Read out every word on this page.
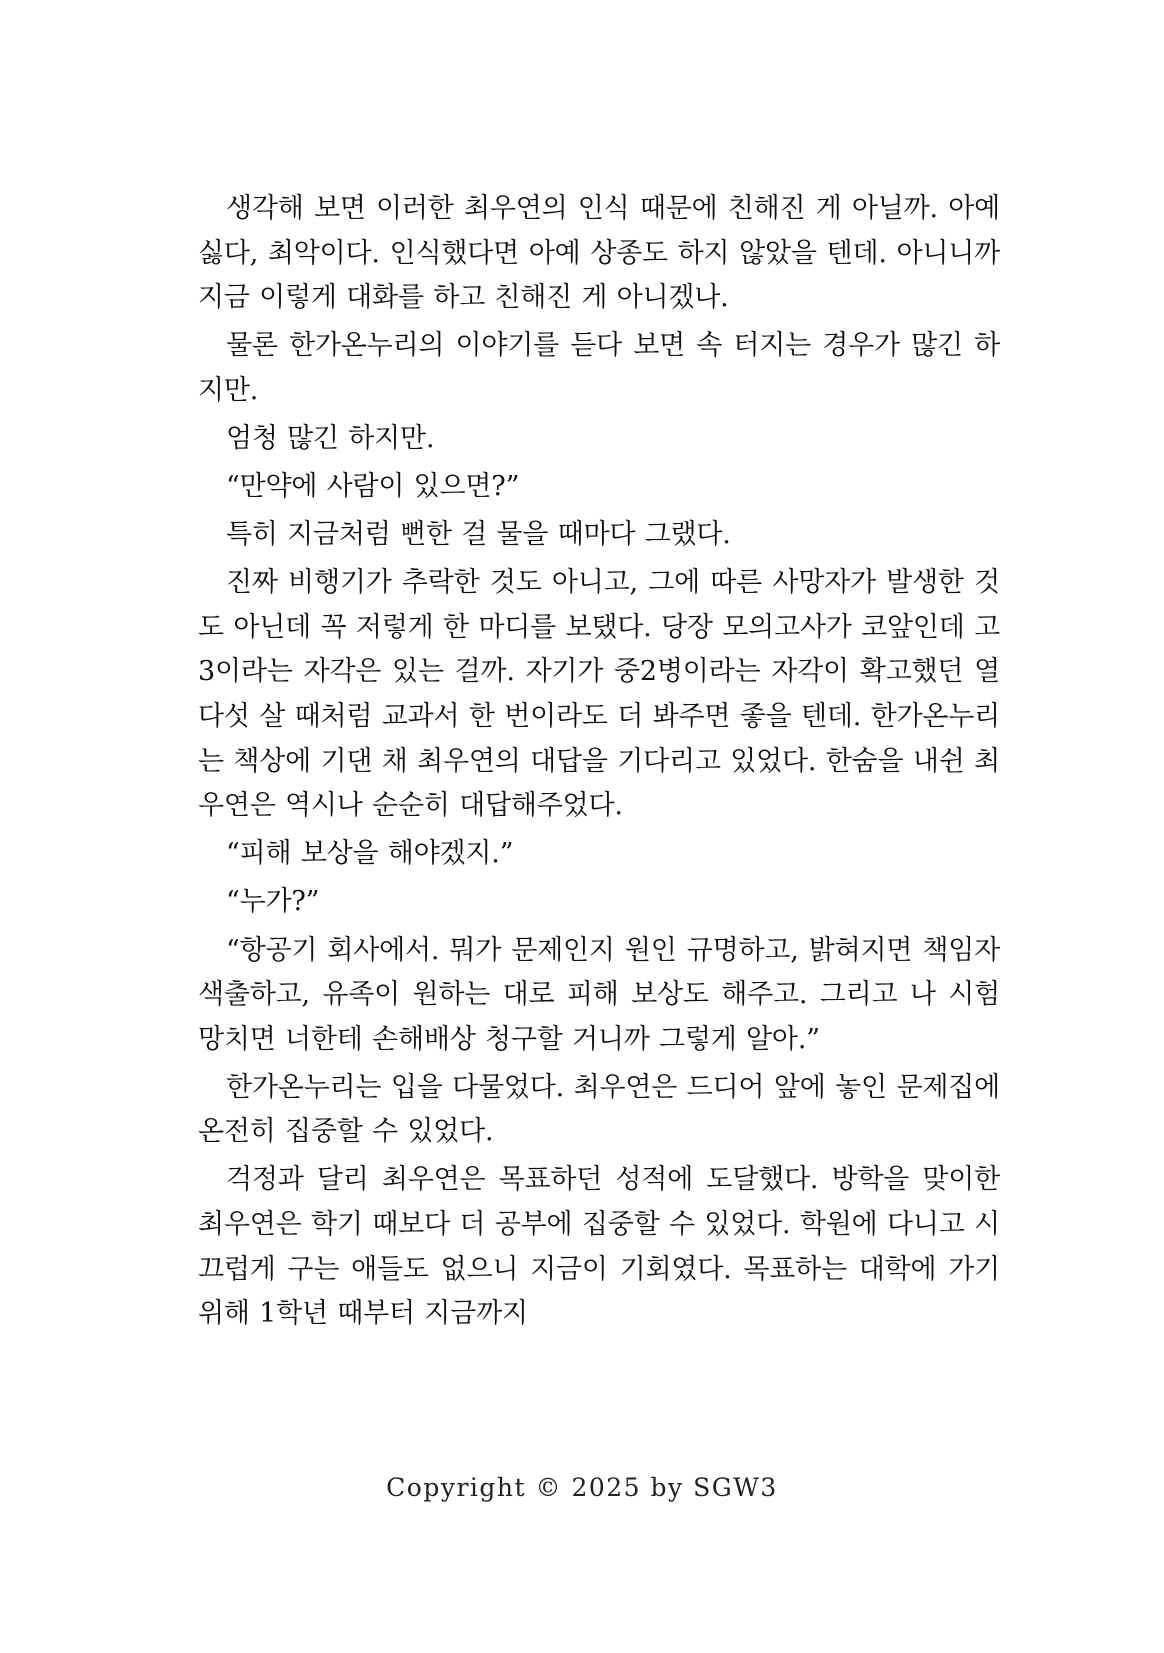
생각해 보면 이러한 최우연의 인식 때문에 친해진 게 아닐까. 아예 싫다, 최악이다. 인식했다면 아예 상종도 하지 않았을 텐데. 아니니까 지금 이렇게 대화를 하고 친해진 게 아니겠나.

물론 한가온누리의 이야기를 듣다 보면 속 터지는 경우가 많긴 하지만.

엄청 많긴 하지만.

“만약에 사람이 있으면?”

특히 지금처럼 뻔한 걸 물을 때마다 그랬다.

진짜 비행기가 추락한 것도 아니고, 그에 따른 사망자가 발생한 것도 아닌데 꼭 저렇게 한 마디를 보탰다. 당장 모의고사가 코앞인데 고3이라는 자각은 있는 걸까. 자기가 중2병이라는 자각이 확고했던 열다섯 살 때처럼 교과서 한 번이라도 더 봐주면 좋을 텐데. 한가온누리는 책상에 기댄 채 최우연의 대답을 기다리고 있었다. 한숨을 내쉰 최우연은 역시나 순순히 대답해주었다.

“피해 보상을 해야겠지.”

“누가?”

“항공기 회사에서. 뭐가 문제인지 원인 규명하고, 밝혀지면 책임자 색출하고, 유족이 원하는 대로 피해 보상도 해주고. 그리고 나 시험 망치면 너한테 손해배상 청구할 거니까 그렇게 알아.”

한가온누리는 입을 다물었다. 최우연은 드디어 앞에 놓인 문제집에 온전히 집중할 수 있었다.

걱정과 달리 최우연은 목표하던 성적에 도달했다. 방학을 맞이한 최우연은 학기 때보다 더 공부에 집중할 수 있었다. 학원에 다니고 시끄럽게 구는 애들도 없으니 지금이 기회였다. 목표하는 대학에 가기 위해 1학년 때부터 지금까지

Copyright © 2025 by SGW3
